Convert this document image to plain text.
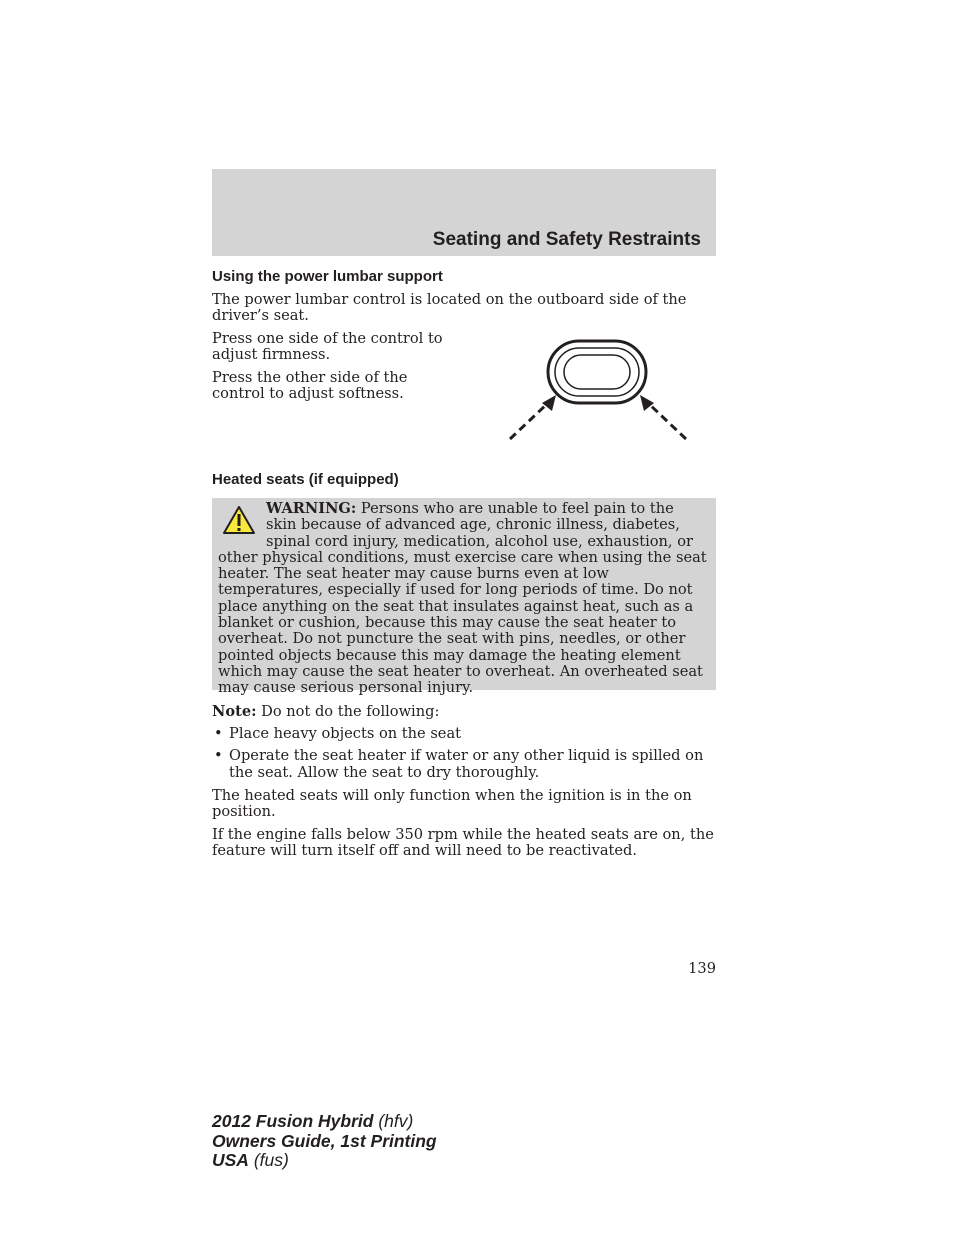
Seating and Safety Restraints
Using the power lumbar support

The power lumbar control is located on the outboard side of the driver’s seat.

Press one side of the control to adjust firmness.

Press the other side of the control to adjust softness.

Heated seats (if equipped)

WARNING: Persons who are unable to feel pain to the skin because of advanced age, chronic illness, diabetes, spinal cord injury, medication, alcohol use, exhaustion, or other physical conditions, must exercise care when using the seat heater. The seat heater may cause burns even at low temperatures, especially if used for long periods of time. Do not place anything on the seat that insulates against heat, such as a blanket or cushion, because this may cause the seat heater to overheat. Do not puncture the seat with pins, needles, or other pointed objects because this may damage the heating element which may cause the seat heater to overheat. An overheated seat may cause serious personal injury.

Note: Do not do the following:

• Place heavy objects on the seat
• Operate the seat heater if water or any other liquid is spilled on the seat. Allow the seat to dry thoroughly.

The heated seats will only function when the ignition is in the on position.

If the engine falls below 350 rpm while the heated seats are on, the feature will turn itself off and will need to be reactivated.

139
2012 Fusion Hybrid (hfv)
Owners Guide, 1st Printing
USA (fus)
